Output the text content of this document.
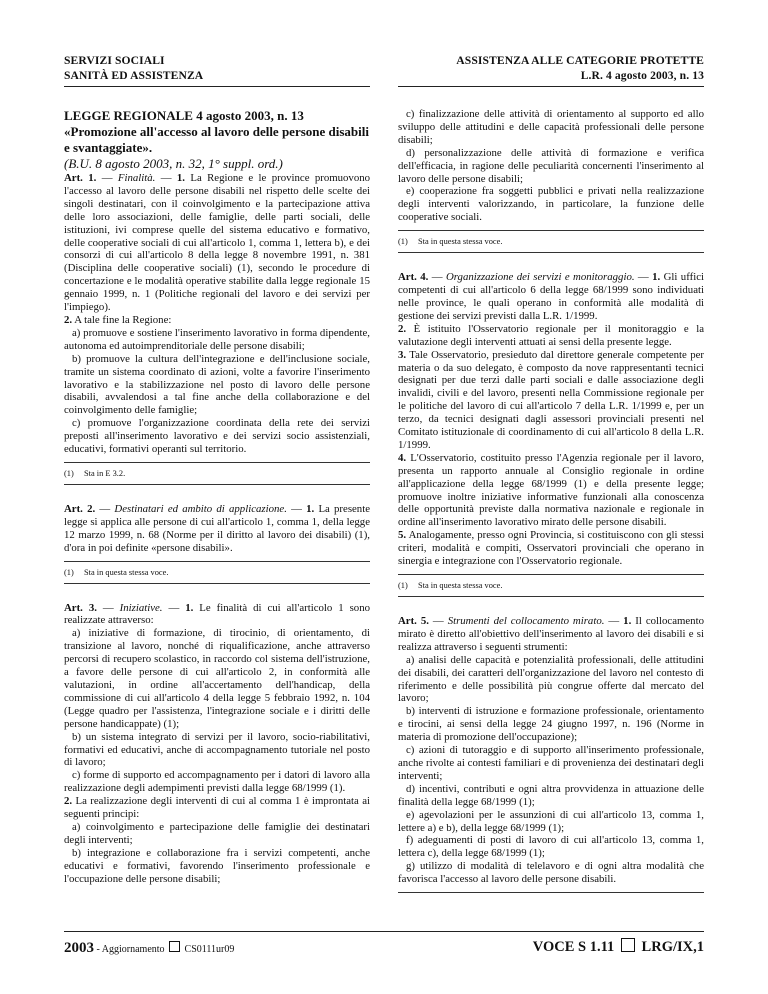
SERVIZI SOCIALI
SANITÀ ED ASSISTENZA
ASSISTENZA ALLE CATEGORIE PROTETTE
L.R. 4 agosto 2003, n. 13

LEGGE REGIONALE 4 agosto 2003, n. 13 «Promozione all'accesso al lavoro delle persone disabili e svantaggiate».

(B.U. 8 agosto 2003, n. 32, 1° suppl. ord.)

Art. 1. — Finalità. — 1. La Regione e le province promuovono l'accesso al lavoro delle persone disabili nel rispetto delle scelte dei singoli destinatari, con il coinvolgimento e la partecipazione attiva delle loro associazioni, delle famiglie, delle parti sociali, delle istituzioni, ivi comprese quelle del sistema educativo e formativo, delle cooperative sociali di cui all'articolo 1, comma 1, lettera b), e dei consorzi di cui all'articolo 8 della legge 8 novembre 1991, n. 381 (Disciplina delle cooperative sociali) (1), secondo le procedure di concertazione e le modalità operative stabilite dalla legge regionale 15 gennaio 1999, n. 1 (Politiche regionali del lavoro e dei servizi per l'impiego).

2. A tale fine la Regione:

a) promuove e sostiene l'inserimento lavorativo in forma dipendente, autonoma ed autoimprenditoriale delle persone disabili;

b) promuove la cultura dell'integrazione e dell'inclusione sociale, tramite un sistema coordinato di azioni, volte a favorire l'inserimento lavorativo e la stabilizzazione nel posto di lavoro delle persone disabili, avvalendosi a tal fine anche della collaborazione e del coinvolgimento delle famiglie;

c) promuove l'organizzazione coordinata della rete dei servizi preposti all'inserimento lavorativo e dei servizi socio assistenziali, educativi, formativi operanti sul territorio.

(1) Sta in E 3.2.

Art. 2. — Destinatari ed ambito di applicazione. — 1. La presente legge si applica alle persone di cui all'articolo 1, comma 1, della legge 12 marzo 1999, n. 68 (Norme per il diritto al lavoro dei disabili) (1), d'ora in poi definite «persone disabili».

(1) Sta in questa stessa voce.

Art. 3. — Iniziative. — 1. Le finalità di cui all'articolo 1 sono realizzate attraverso:

a) iniziative di formazione, di tirocinio, di orientamento, di transizione al lavoro, nonché di riqualificazione, anche attraverso percorsi di recupero scolastico, in raccordo col sistema dell'istruzione, a favore delle persone di cui all'articolo 2, in conformità alle valutazioni, in ordine all'accertamento dell'handicap, della commissione di cui all'articolo 4 della legge 5 febbraio 1992, n. 104 (Legge quadro per l'assistenza, l'integrazione sociale e i diritti delle persone handicappate) (1);

b) un sistema integrato di servizi per il lavoro, socio-riabilitativi, formativi ed educativi, anche di accompagnamento tutoriale nel posto di lavoro;

c) forme di supporto ed accompagnamento per i datori di lavoro alla realizzazione degli adempimenti previsti dalla legge 68/1999 (1).

2. La realizzazione degli interventi di cui al comma 1 è improntata ai seguenti principi:

a) coinvolgimento e partecipazione delle famiglie dei destinatari degli interventi;

b) integrazione e collaborazione fra i servizi competenti, anche educativi e formativi, favorendo l'inserimento professionale e l'occupazione delle persone disabili;

c) finalizzazione delle attività di orientamento al supporto ed allo sviluppo delle attitudini e delle capacità professionali delle persone disabili;

d) personalizzazione delle attività di formazione e verifica dell'efficacia, in ragione delle peculiarità concernenti l'inserimento al lavoro delle persone disabili;

e) cooperazione fra soggetti pubblici e privati nella realizzazione degli interventi valorizzando, in particolare, la funzione delle cooperative sociali.

(1) Sta in questa stessa voce.

Art. 4. — Organizzazione dei servizi e monitoraggio. — 1. Gli uffici competenti di cui all'articolo 6 della legge 68/1999 sono individuati nelle province, le quali operano in conformità alle modalità di gestione dei servizi previsti dalla L.R. 1/1999.

2. È istituito l'Osservatorio regionale per il monitoraggio e la valutazione degli interventi attuati ai sensi della presente legge.

3. Tale Osservatorio, presieduto dal direttore generale competente per materia o da suo delegato, è composto da nove rappresentanti tecnici designati per due terzi dalle parti sociali e dalle associazione degli invalidi, civili e del lavoro, presenti nella Commissione regionale per le politiche del lavoro di cui all'articolo 7 della L.R. 1/1999 e, per un terzo, da tecnici designati dagli assessori provinciali presenti nel Comitato istituzionale di coordinamento di cui all'articolo 8 della L.R. 1/1999.

4. L'Osservatorio, costituito presso l'Agenzia regionale per il lavoro, presenta un rapporto annuale al Consiglio regionale in ordine all'applicazione della legge 68/1999 (1) e della presente legge; promuove inoltre iniziative informative funzionali alla conoscenza delle opportunità previste dalla normativa nazionale e regionale in ordine all'inserimento lavorativo mirato delle persone disabili.

5. Analogamente, presso ogni Provincia, si costituiscono con gli stessi criteri, modalità e compiti, Osservatori provinciali che operano in sinergia e integrazione con l'Osservatorio regionale.

(1) Sta in questa stessa voce.

Art. 5. — Strumenti del collocamento mirato. — 1. Il collocamento mirato è diretto all'obiettivo dell'inserimento al lavoro dei disabili e si realizza attraverso i seguenti strumenti:

a) analisi delle capacità e potenzialità professionali, delle attitudini dei disabili, dei caratteri dell'organizzazione del lavoro nel contesto di riferimento e delle possibilità più congrue offerte dal mercato del lavoro;

b) interventi di istruzione e formazione professionale, orientamento e tirocini, ai sensi della legge 24 giugno 1997, n. 196 (Norme in materia di promozione dell'occupazione);

c) azioni di tutoraggio e di supporto all'inserimento professionale, anche rivolte ai contesti familiari e di provenienza dei destinatari degli interventi;

d) incentivi, contributi e ogni altra provvidenza in attuazione delle finalità della legge 68/1999 (1);

e) agevolazioni per le assunzioni di cui all'articolo 13, comma 1, lettere a) e b), della legge 68/1999 (1);

f) adeguamenti di posti di lavoro di cui all'articolo 13, comma 1, lettera c), della legge 68/1999 (1);

g) utilizzo di modalità di telelavoro e di ogni altra modalità che favorisca l'accesso al lavoro delle persone disabili.

2003 - Aggiornamento CS0111ur09	VOCE S 1.11 LRG/IX,1
